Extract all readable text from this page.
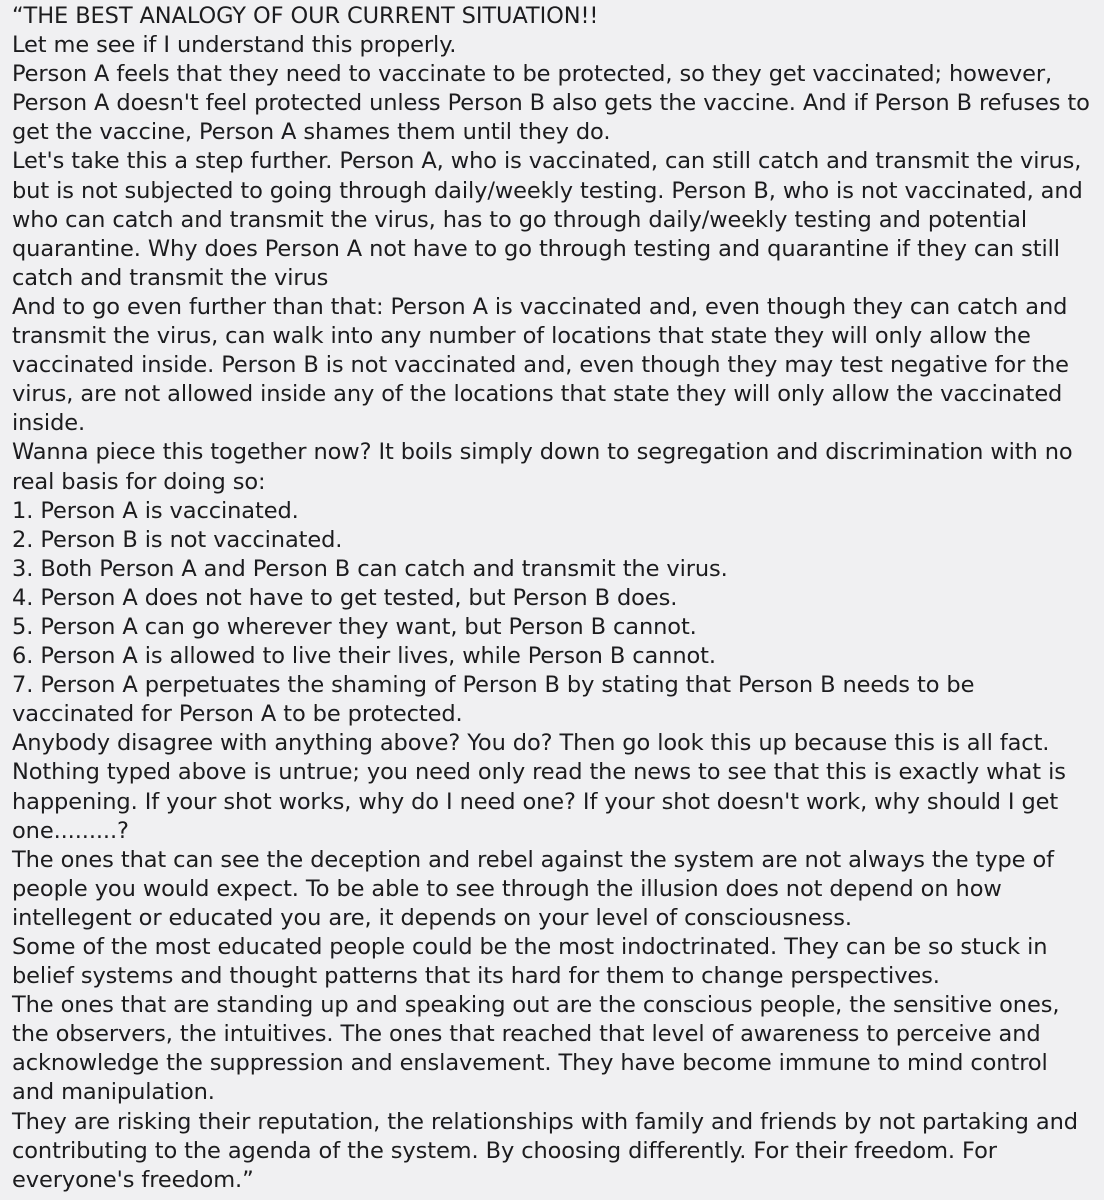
“THE BEST ANALOGY OF OUR CURRENT SITUATION!!

Let me see if I understand this properly.

Person A feels that they need to vaccinate to be protected, so they get vaccinated; however, Person A doesn't feel protected unless Person B also gets the vaccine. And if Person B refuses to get the vaccine, Person A shames them until they do.

Let's take this a step further. Person A, who is vaccinated, can still catch and transmit the virus, but is not subjected to going through daily/weekly testing. Person B, who is not vaccinated, and who can catch and transmit the virus, has to go through daily/weekly testing and potential quarantine. Why does Person A not have to go through testing and quarantine if they can still catch and transmit the virus

And to go even further than that: Person A is vaccinated and, even though they can catch and transmit the virus, can walk into any number of locations that state they will only allow the vaccinated inside. Person B is not vaccinated and, even though they may test negative for the virus, are not allowed inside any of the locations that state they will only allow the vaccinated inside.

Wanna piece this together now? It boils simply down to segregation and discrimination with no real basis for doing so:

1. Person A is vaccinated.
2. Person B is not vaccinated.
3. Both Person A and Person B can catch and transmit the virus.
4. Person A does not have to get tested, but Person B does.
5. Person A can go wherever they want, but Person B cannot.
6. Person A is allowed to live their lives, while Person B cannot.
7. Person A perpetuates the shaming of Person B by stating that Person B needs to be vaccinated for Person A to be protected.

Anybody disagree with anything above? You do? Then go look this up because this is all fact. Nothing typed above is untrue; you need only read the news to see that this is exactly what is happening. If your shot works, why do I need one? If your shot doesn't work, why should I get one.........?

The ones that can see the deception and rebel against the system are not always the type of people you would expect. To be able to see through the illusion does not depend on how intellegent or educated you are, it depends on your level of consciousness.

Some of the most educated people could be the most indoctrinated. They can be so stuck in belief systems and thought patterns that its hard for them to change perspectives.

The ones that are standing up and speaking out are the conscious people, the sensitive ones, the observers, the intuitives. The ones that reached that level of awareness to perceive and acknowledge the suppression and enslavement. They have become immune to mind control and manipulation.

They are risking their reputation, the relationships with family and friends by not partaking and contributing to the agenda of the system. By choosing differently. For their freedom. For everyone's freedom.”
